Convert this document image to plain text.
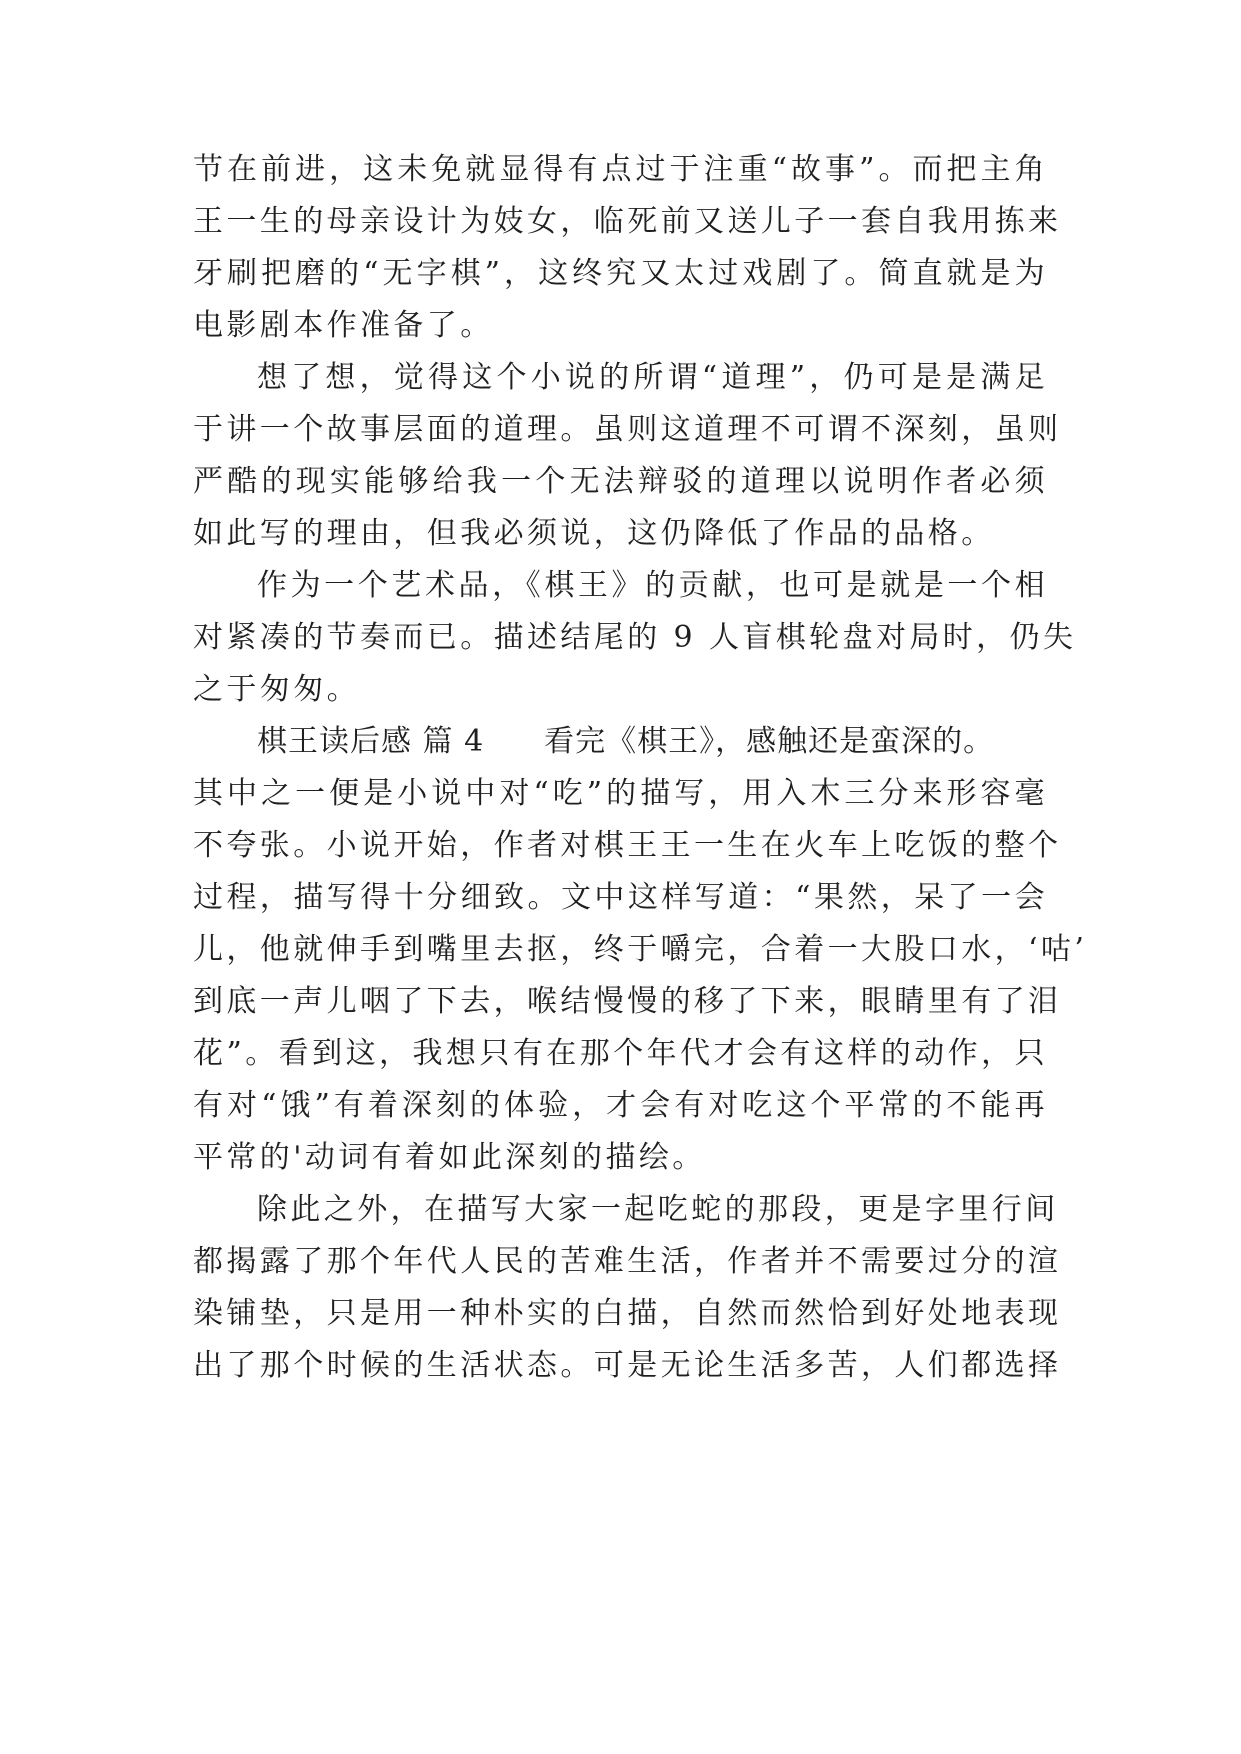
节在前进，这未免就显得有点过于注重“故事”。而把主角
王一生的母亲设计为妓女，临死前又送儿子一套自我用拣来
牙刷把磨的“无字棋”，这终究又太过戏剧了。简直就是为
电影剧本作准备了。
想了想，觉得这个小说的所谓“道理”，仍可是是满足
于讲一个故事层面的道理。虽则这道理不可谓不深刻，虽则
严酷的现实能够给我一个无法辩驳的道理以说明作者必须
如此写的理由，但我必须说，这仍降低了作品的品格。
作为一个艺术品，《棋王》的贡献，也可是就是一个相
对紧凑的节奏而已。描述结尾的 9 人盲棋轮盘对局时，仍失
之于匆匆。
棋王读后感 篇 4 看完《棋王》，感触还是蛮深的。
其中之一便是小说中对“吃”的描写，用入木三分来形容毫
不夸张。小说开始，作者对棋王王一生在火车上吃饭的整个
过程，描写得十分细致。文中这样写道：“果然，呆了一会
儿，他就伸手到嘴里去抠，终于嚼完，合着一大股口水，‘咕’
到底一声儿咽了下去，喉结慢慢的移了下来，眼睛里有了泪
花”。看到这，我想只有在那个年代才会有这样的动作，只
有对“饿”有着深刻的体验，才会有对吃这个平常的不能再
平常的'动词有着如此深刻的描绘。
除此之外，在描写大家一起吃蛇的那段，更是字里行间
都揭露了那个年代人民的苦难生活，作者并不需要过分的渲
染铺垫，只是用一种朴实的白描，自然而然恰到好处地表现
出了那个时候的生活状态。可是无论生活多苦，人们都选择
